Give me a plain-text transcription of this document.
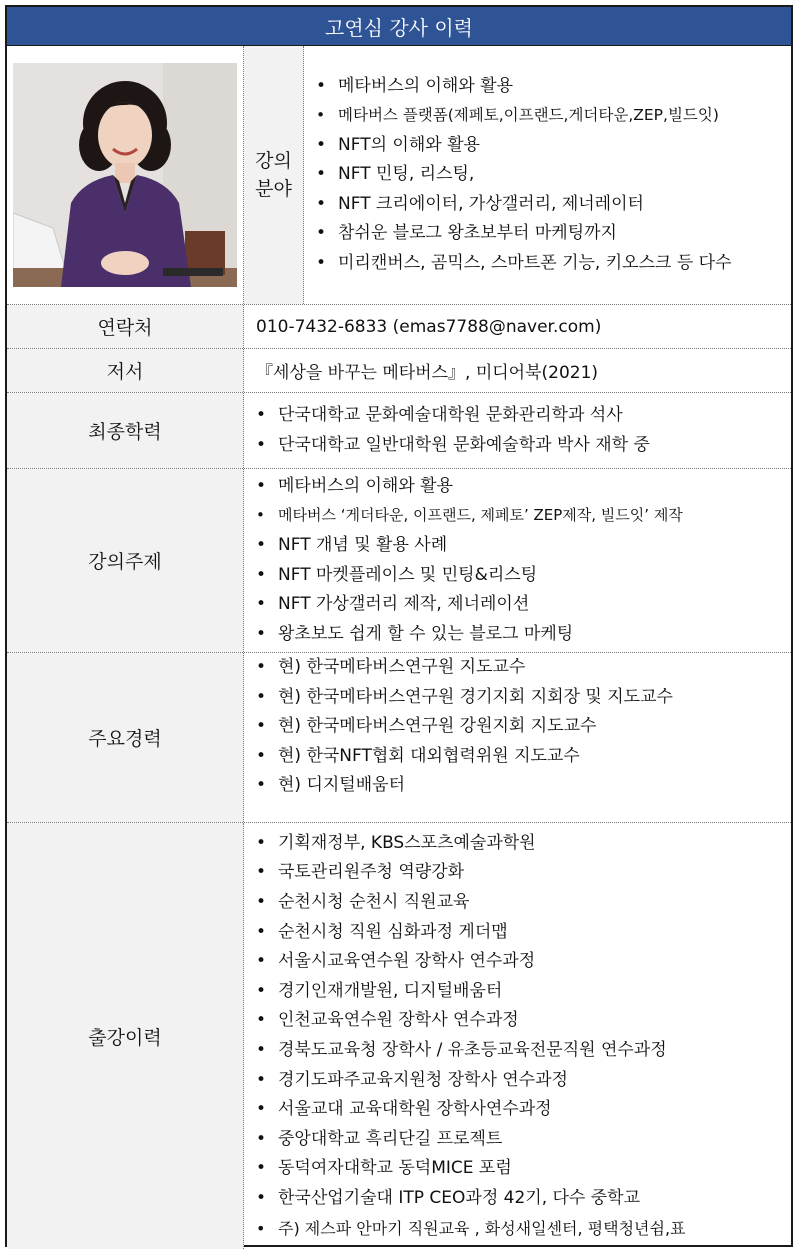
고연심 강사 이력
강의
분야
• 메타버스의 이해와 활용
• 메타버스 플랫폼(제페토,이프랜드,게더타운,ZEP,빌드잇)
• NFT의 이해와 활용
• NFT 민팅, 리스팅,
• NFT 크리에이터, 가상갤러리, 제너레이터
• 참쉬운 블로그 왕초보부터 마케팅까지
• 미리캔버스, 곰믹스, 스마트폰 기능, 키오스크 등 다수
연락처	010-7432-6833 (emas7788@naver.com)
저서	『세상을 바꾸는 메타버스』, 미디어북(2021)
최종학력
• 단국대학교 문화예술대학원 문화관리학과 석사
• 단국대학교 일반대학원 문화예술학과 박사 재학 중
강의주제
• 메타버스의 이해와 활용
• 메타버스 ‘게더타운, 이프랜드, 제페토’ ZEP제작, 빌드잇’ 제작
• NFT 개념 및 활용 사례
• NFT 마켓플레이스 및 민팅&리스팅
• NFT 가상갤러리 제작, 제너레이션
• 왕초보도 쉽게 할 수 있는 블로그 마케팅
주요경력
• 현) 한국메타버스연구원 지도교수
• 현) 한국메타버스연구원 경기지회 지회장 및 지도교수
• 현) 한국메타버스연구원 강원지회 지도교수
• 현) 한국NFT협회 대외협력위원 지도교수
• 현) 디지털배움터
출강이력
• 기획재정부, KBS스포츠예술과학원
• 국토관리원주청 역량강화
• 순천시청 순천시 직원교육
• 순천시청 직원 심화과정 게더맵
• 서울시교육연수원 장학사 연수과정
• 경기인재개발원, 디지털배움터
• 인천교육연수원 장학사 연수과정
• 경북도교육청 장학사 / 유초등교육전문직원 연수과정
• 경기도파주교육지원청 장학사 연수과정
• 서울교대 교육대학원 장학사연수과정
• 중앙대학교 흑리단길 프로젝트
• 동덕여자대학교 동덕MICE 포럼
• 한국산업기술대 ITP CEO과정 42기, 다수 중학교
• 주) 제스파 안마기 직원교육 , 화성새일센터, 평택청년쉼,표
